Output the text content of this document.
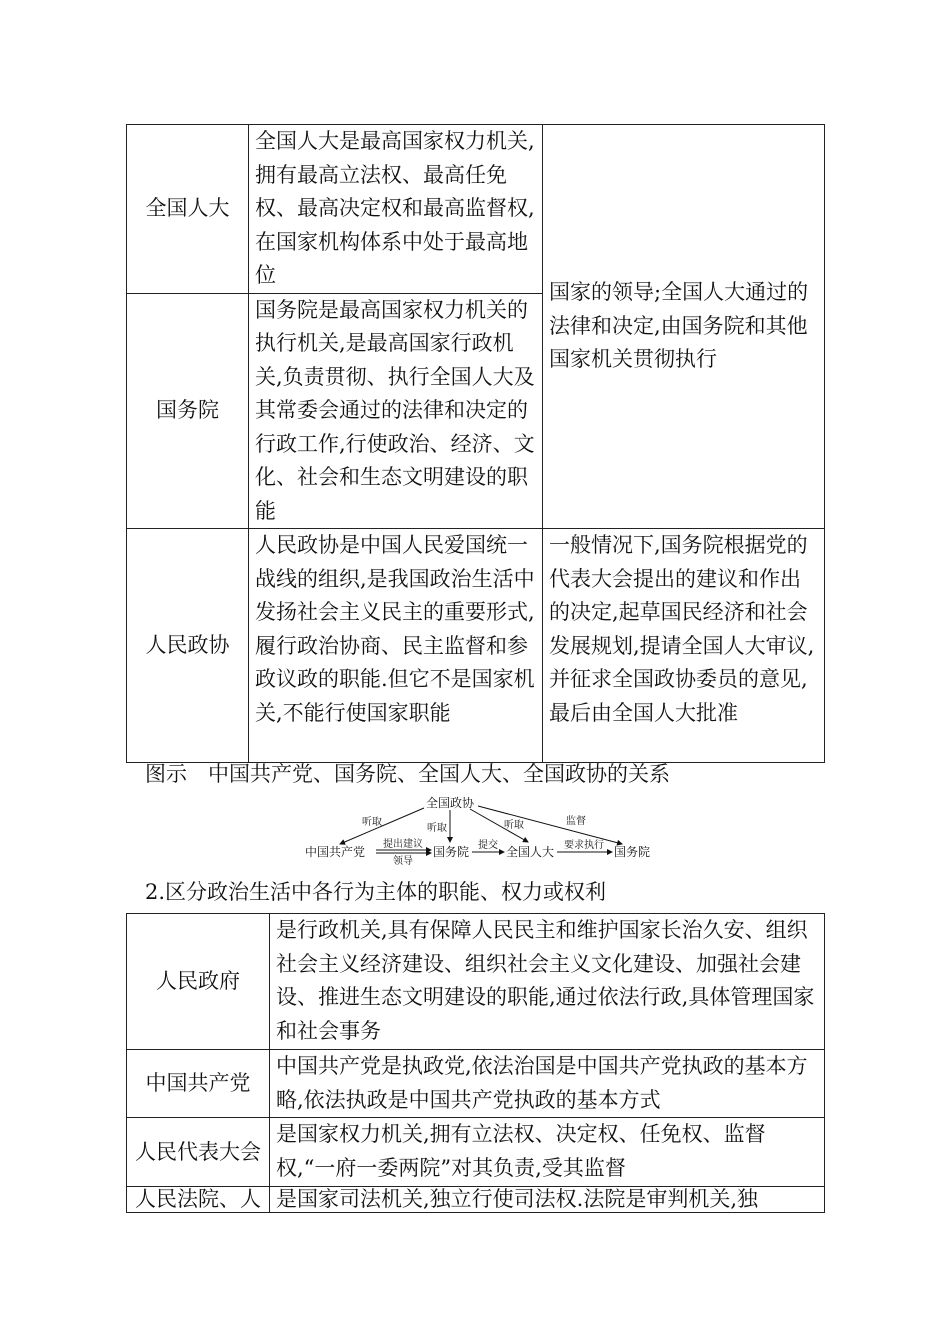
全国人大	全国人大是最高国家权力机关,拥有最高立法权、最高任免权、最高决定权和最高监督权,在国家机构体系中处于最高地位	国家的领导;全国人大通过的法律和决定,由国务院和其他国家机关贯彻执行
国务院	国务院是最高国家权力机关的执行机关,是最高国家行政机关,负责贯彻、执行全国人大及其常委会通过的法律和决定的行政工作,行使政治、经济、文化、社会和生态文明建设的职能	
人民政协	人民政协是中国人民爱国统一战线的组织,是我国政治生活中发扬社会主义民主的重要形式,履行政治协商、民主监督和参政议政的职能.但它不是国家机关,不能行使国家职能	一般情况下,国务院根据党的代表大会提出的建议和作出的决定,起草国民经济和社会发展规划,提请全国人大审议,并征求全国政协委员的意见,最后由全国人大批准
图示　中国共产党、国务院、全国人大、全国政协的关系
全国政协
听取
听取	听取	监督
中国共产党	国务院	全国人大	国务院
提出建议
领导
提交	要求执行
2.区分政治生活中各行为主体的职能、权力或权利
人民政府	是行政机关,具有保障人民民主和维护国家长治久安、组织社会主义经济建设、组织社会主义文化建设、加强社会建设、推进生态文明建设的职能,通过依法行政,具体管理国家和社会事务
中国共产党	中国共产党是执政党,依法治国是中国共产党执政的基本方略,依法执政是中国共产党执政的基本方式
人民代表大会	是国家权力机关,拥有立法权、决定权、任免权、监督权,“一府一委两院”对其负责,受其监督
人民法院、人	是国家司法机关,独立行使司法权.法院是审判机关,独
